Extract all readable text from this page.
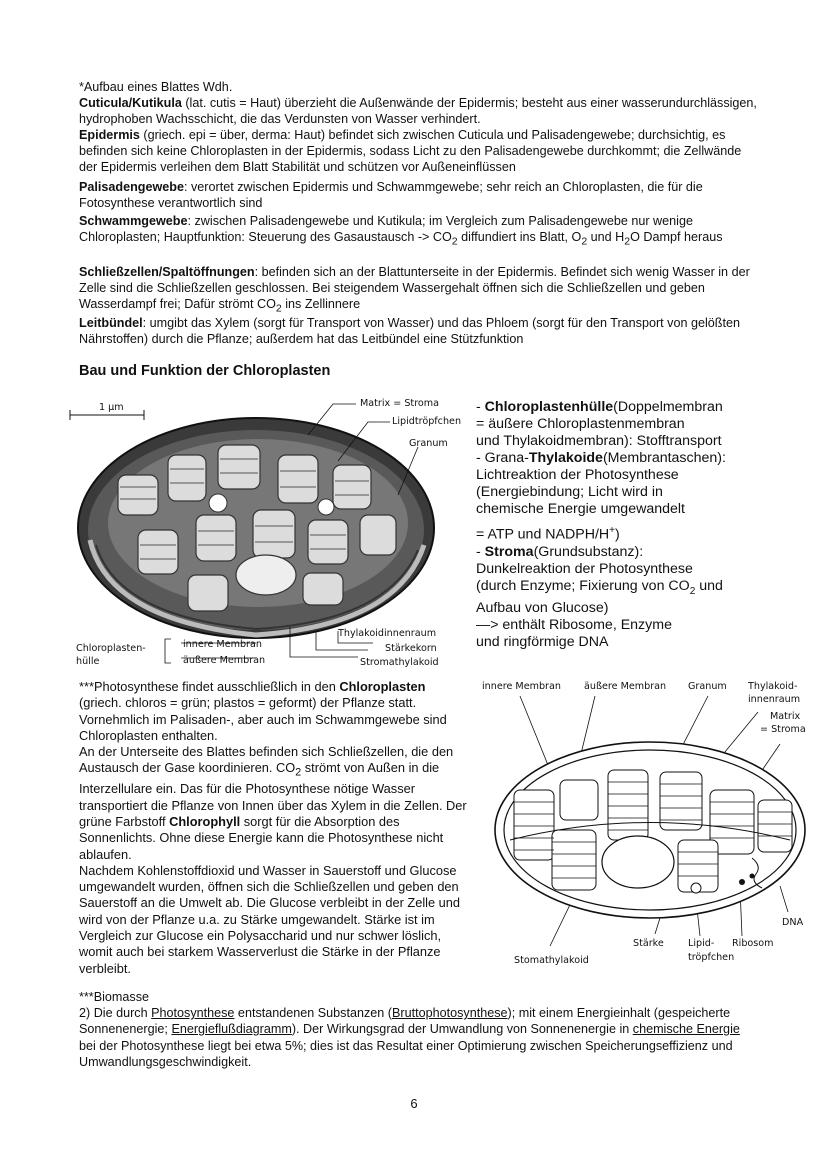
*Aufbau eines Blattes Wdh.
Cuticula/Kutikula (lat. cutis = Haut) überzieht die Außenwände der Epidermis; besteht aus einer wasserundurchlässigen, hydrophoben Wachsschicht, die das Verdunsten von Wasser verhindert.
Epidermis (griech. epi = über, derma: Haut) befindet sich zwischen Cuticula und Palisadengewebe; durchsichtig, es befinden sich keine Chloroplasten in der Epidermis, sodass Licht zu den Palisadengewebe durchkommt; die Zellwände der Epidermis verleihen dem Blatt Stabilität und schützen vor Außeneinflüssen
Palisadengewebe: verortet zwischen Epidermis und Schwammgewebe; sehr reich an Chloroplasten, die für die Fotosynthese verantwortlich sind
Schwammgewebe: zwischen Palisadengewebe und Kutikula; im Vergleich zum Palisadengewebe nur wenige Chloroplasten; Hauptfunktion: Steuerung des Gasaustausch -> $CO_2$ diffundiert ins Blatt, $O_2$ und $H_2O$ Dampf heraus
Schließzellen/Spaltöffnungen: befinden sich an der Blattunterseite in der Epidermis. Befindet sich wenig Wasser in der Zelle sind die Schließzellen geschlossen. Bei steigendem Wassergehalt öffnen sich die Schließzellen und geben Wasserdampf frei; Dafür strömt $CO_2$ ins Zellinnere
Leitbündel: umgibt das Xylem (sorgt für Transport von Wasser) und das Phloem (sorgt für den Transport von gelößten Nährstoffen) durch die Pflanze; außerdem hat das Leitbündel eine Stützfunktion
Bau und Funktion der Chloroplasten
1 µm	Matrix = Stroma
Lipidtröpfchen
Granum
Chloroplasten-
hülle
innere Membran
äußere Membran
Thylakoidinnenraum
Stärkekorn
Stromathylakoid
- Chloroplastenhülle(Doppelmembran
= äußere Chloroplastenmembran
und Thylakoidmembran): Stofftransport
- Grana-Thylakoide(Membrantaschen):
Lichtreaktion der Photosynthese
(Energiebindung; Licht wird in
chemische Energie umgewandelt
= ATP und NADPH/H+)
- Stroma(Grundsubstanz):
Dunkelreaktion der Photosynthese
(durch Enzyme; Fixierung von $CO_2$ und
Aufbau von Glucose)
—> enthält Ribosome, Enzyme
und ringförmige DNA
***Photosynthese findet ausschließlich in den Chloroplasten (griech. chloros = grün; plastos = geformt) der Pflanze statt. Vornehmlich im Palisaden-, aber auch im Schwammgewebe sind Chloroplasten enthalten.
An der Unterseite des Blattes befinden sich Schließzellen, die den Austausch der Gase koordinieren. $CO_2$ strömt von Außen in die Interzellulare ein. Das für die Photosynthese nötige Wasser transportiert die Pflanze von Innen über das Xylem in die Zellen. Der grüne Farbstoff Chlorophyll sorgt für die Absorption des Sonnenlichts. Ohne diese Energie kann die Photosynthese nicht ablaufen.
Nachdem Kohlenstoffdioxid und Wasser in Sauerstoff und Glucose umgewandelt wurden, öffnen sich die Schließzellen und geben den Sauerstoff an die Umwelt ab. Die Glucose verbleibt in der Zelle und wird von der Pflanze u.a. zu Stärke umgewandelt. Stärke ist im Vergleich zur Glucose ein Polysaccharid und nur schwer löslich, womit auch bei starkem Wasserverlust die Stärke in der Pflanze verbleibt.
innere Membran äußere Membran Granum Thylakoid-
innenraum
Matrix
= Stroma
DNA
Stärke	Lipid-
tröpfchen
Ribosom
Stomathylakoid
***Biomasse
2) Die durch Photosynthese entstandenen Substanzen (Bruttophotosynthese); mit einem Energieinhalt (gespeicherte Sonnenenergie; Energieflußdiagramm). Der Wirkungsgrad der Umwandlung von Sonnenenergie in chemische Energie bei der Photosynthese liegt bei etwa 5%; dies ist das Resultat einer Optimierung zwischen Speicherungseffizienz und Umwandlungsgeschwindigkeit.
6
